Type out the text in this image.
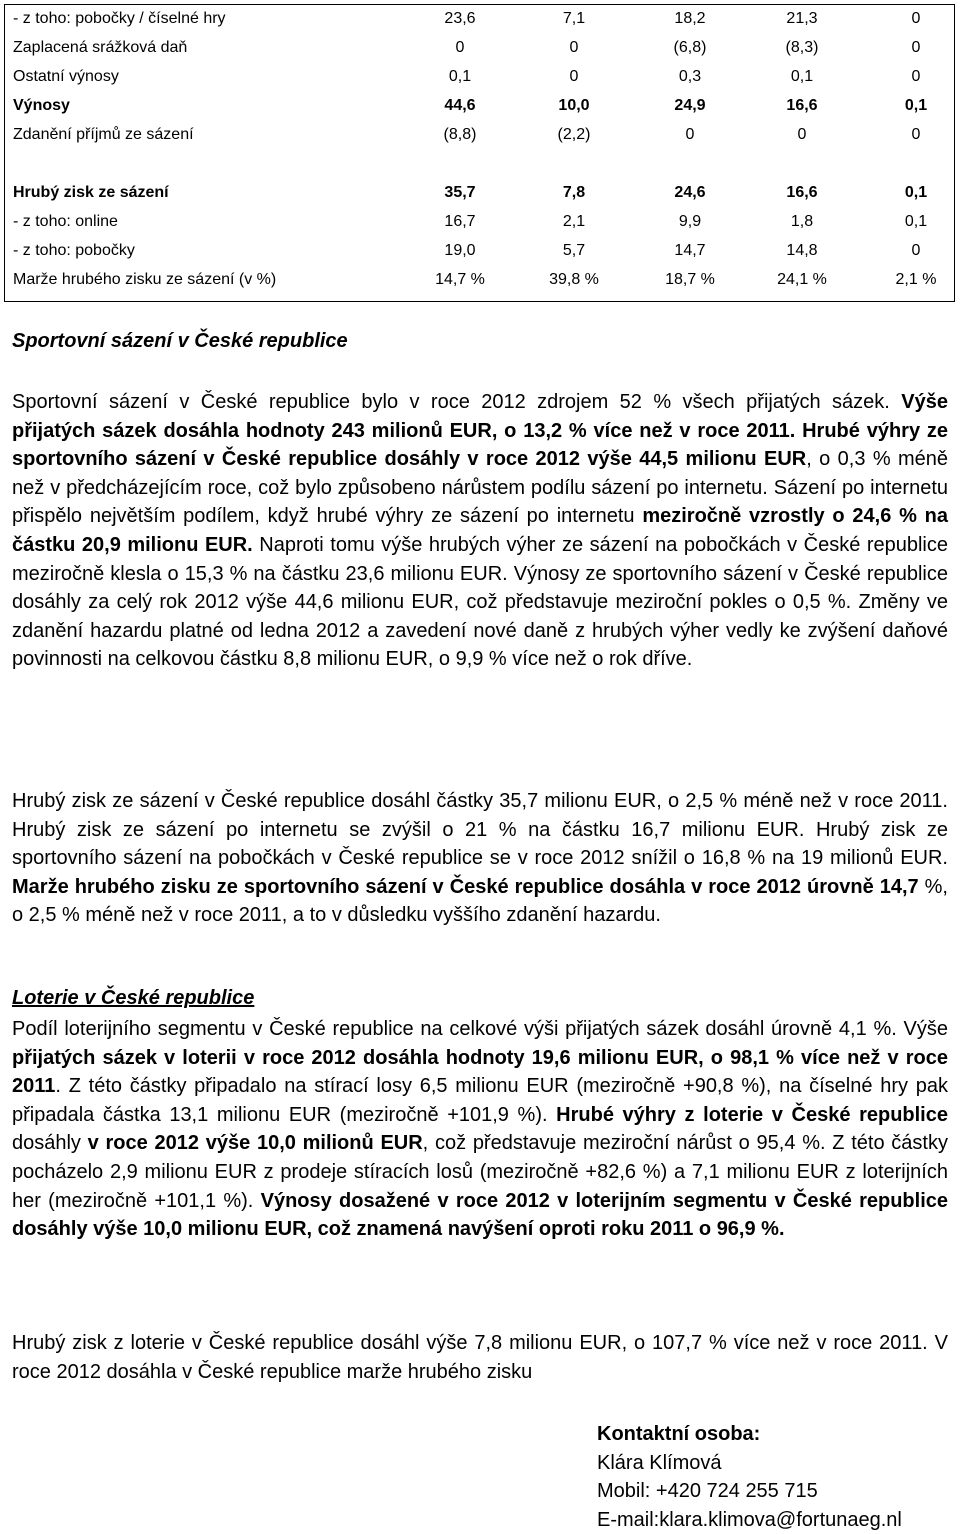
- z toho: pobočky / číselné hry	23,6	7,1	18,2	21,3	0
Zaplacená srážková daň	0	0	(6,8)	(8,3)	0
Ostatní výnosy	0,1	0	0,3	0,1	0
Výnosy	44,6	10,0	24,9	16,6	0,1
Zdanění příjmů ze sázení	(8,8)	(2,2)	0	0	0
Hrubý zisk ze sázení	35,7	7,8	24,6	16,6	0,1
- z toho: online	16,7	2,1	9,9	1,8	0,1
- z toho: pobočky	19,0	5,7	14,7	14,8	0
Marže hrubého zisku ze sázení (v %)	14,7 %	39,8 %	18,7 %	24,1 %	2,1 %
Sportovní sázení v České republice
Sportovní sázení v České republice bylo v roce 2012 zdrojem 52 % všech přijatých sázek. Výše přijatých sázek dosáhla hodnoty 243 milionů EUR, o 13,2 % více než v roce 2011. Hrubé výhry ze sportovního sázení v České republice dosáhly v roce 2012 výše 44,5 milionu EUR, o 0,3 % méně než v předcházejícím roce, což bylo způsobeno nárůstem podílu sázení po internetu. Sázení po internetu přispělo největším podílem, když hrubé výhry ze sázení po internetu meziročně vzrostly o 24,6 % na částku 20,9 milionu EUR. Naproti tomu výše hrubých výher ze sázení na pobočkách v České republice meziročně klesla o 15,3 % na částku 23,6 milionu EUR. Výnosy ze sportovního sázení v České republice dosáhly za celý rok 2012 výše 44,6 milionu EUR, což představuje meziroční pokles o 0,5 %. Změny ve zdanění hazardu platné od ledna 2012 a zavedení nové daně z hrubých výher vedly ke zvýšení daňové povinnosti na celkovou částku 8,8 milionu EUR, o 9,9 % více než o rok dříve.
Hrubý zisk ze sázení v České republice dosáhl částky 35,7 milionu EUR, o 2,5 % méně než v roce 2011. Hrubý zisk ze sázení po internetu se zvýšil o 21 % na částku 16,7 milionu EUR. Hrubý zisk ze sportovního sázení na pobočkách v České republice se v roce 2012 snížil o 16,8 % na 19 milionů EUR. Marže hrubého zisku ze sportovního sázení v České republice dosáhla v roce 2012 úrovně 14,7 %, o 2,5 % méně než v roce 2011, a to v důsledku vyššího zdanění hazardu.
Loterie v České republice
Podíl loterijního segmentu v České republice na celkové výši přijatých sázek dosáhl úrovně 4,1 %. Výše přijatých sázek v loterii v roce 2012 dosáhla hodnoty 19,6 milionu EUR, o 98,1 % více než v roce 2011. Z této částky připadalo na stírací losy 6,5 milionu EUR (meziročně +90,8 %), na číselné hry pak připadala částka 13,1 milionu EUR (meziročně +101,9 %). Hrubé výhry z loterie v České republice dosáhly v roce 2012 výše 10,0 milionů EUR, což představuje meziroční nárůst o 95,4 %. Z této částky pocházelo 2,9 milionu EUR z prodeje stíracích losů (meziročně +82,6 %) a 7,1 milionu EUR z loterijních her (meziročně +101,1 %). Výnosy dosažené v roce 2012 v loterijním segmentu v České republice dosáhly výše 10,0 milionu EUR, což znamená navýšení oproti roku 2011 o 96,9 %.
Hrubý zisk z loterie v České republice dosáhl výše 7,8 milionu EUR, o 107,7 % více než v roce 2011. V roce 2012 dosáhla v České republice marže hrubého zisku
Kontaktní osoba:
Klára Klímová
Mobil: +420 724 255 715
E-mail:klara.klimova@fortunaeg.nl
